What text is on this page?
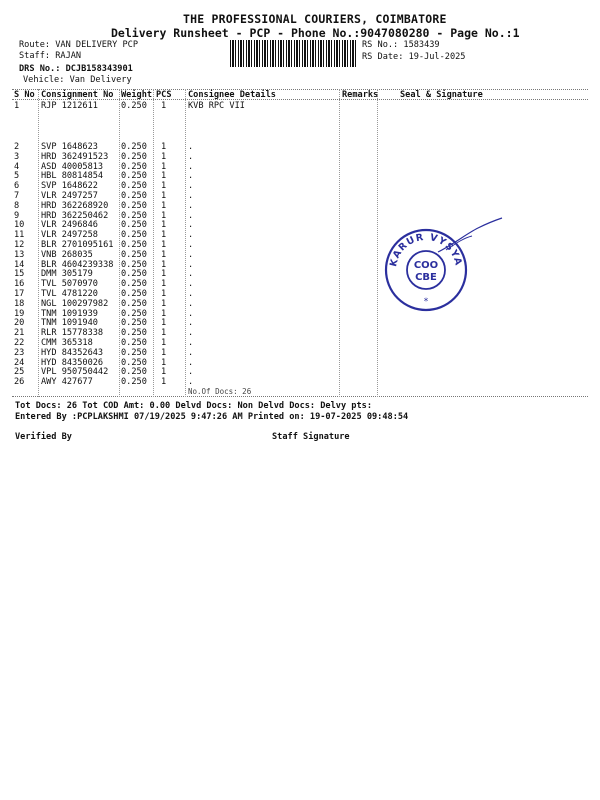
THE PROFESSIONAL COURIERS, COIMBATORE
Delivery Runsheet - PCP - Phone No.:9047080280 - Page No.:1
Route: VAN DELIVERY PCP
Staff: RAJAN
DRS No.: DCJB158343901
Vehicle: Van Delivery
RS No.: 1583439
RS Date: 19-Jul-2025
S No Consignment No Weight PCS Consignee Details	Remarks	Seal & Signature
1	RJP 1212611	0.250 1	KVB RPC VII
2	SVP 1648623	0.250 1	.
3	HRD 362491523 0.250 1	.
4	ASD 40005813 0.250 1	.
5	HBL 80814854 0.250 1	.
6	SVP 1648622	0.250 1	.
7	VLR 2497257	0.250 1	.
8	HRD 362268920 0.250 1	.
9	HRD 362250462 0.250 1	.
10 VLR 2496846	0.250 1	.
11 VLR 2497258	0.250 1	.
12 BLR 2701095161 0.250 1	.
13 VNB 268035	0.250 1	.
14 BLR 4604239338 0.250 1	.
15 DMM 305179	0.250 1	.
16 TVL 5070970	0.250 1	.
17 TVL 4781220	0.250 1	.
18 NGL 100297982 0.250 1	.
19 TNM 1091939	0.250 1	.
20 TNM 1091940	0.250 1	.
21 RLR 15778338 0.250 1	.
22 CMM 365318	0.250 1	.
23 HYD 84352643 0.250 1	.
24 HYD 84350026 0.250 1	.
25 VPL 950750442 0.250 1	.
26 AWY 427677	0.250 1	.
No.Of Docs: 26
KARUR VYSYA
COO
CBE
*
Tot Docs: 26 Tot COD Amt: 0.00 Delvd Docs: Non Delvd Docs: Delvy pts:
Entered By :PCPLAKSHMI 07/19/2025 9:47:26 AM Printed on: 19-07-2025 09:48:54
Verified By	Staff Signature
